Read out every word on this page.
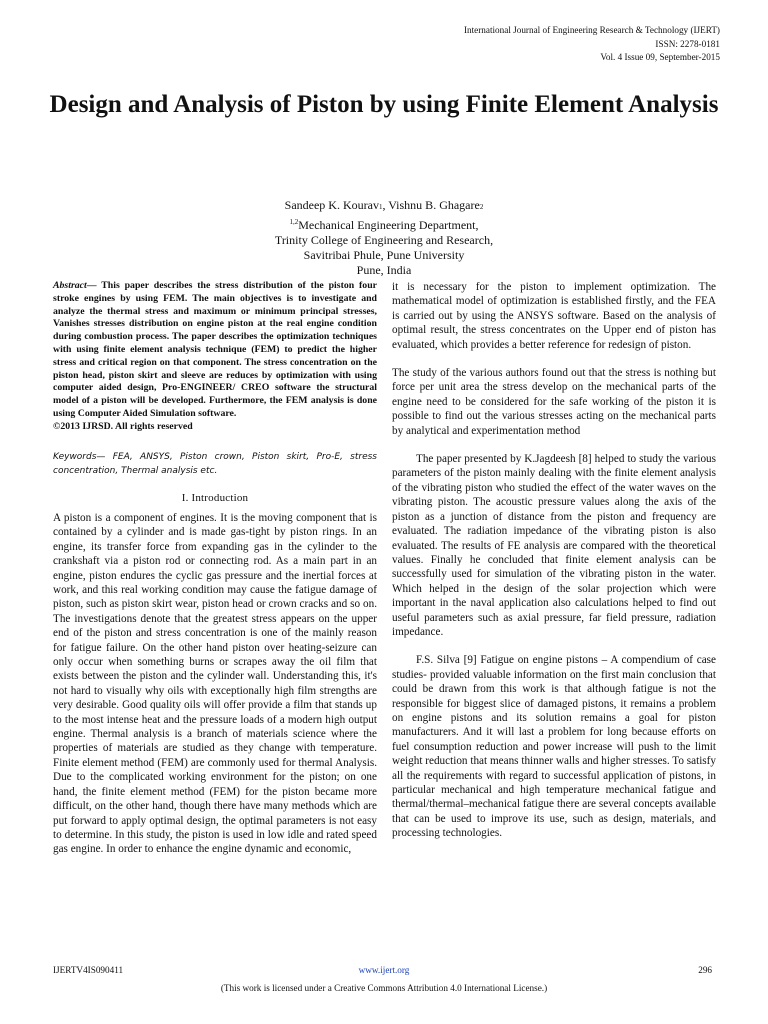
International Journal of Engineering Research & Technology (IJERT)
ISSN: 2278-0181
Vol. 4 Issue 09, September-2015
Design and Analysis of Piston by using Finite Element Analysis
Sandeep K. Kourav1, Vishnu B. Ghagare2
$^{1,2}$Mechanical Engineering Department,
Trinity College of Engineering and Research,
Savitribai Phule, Pune University
Pune, India

Abstract— This paper describes the stress distribution of the piston four stroke engines by using FEM. The main objectives is to investigate and analyze the thermal stress and maximum or minimum principal stresses, Vanishes stresses distribution on engine piston at the real engine condition during combustion process. The paper describes the optimization techniques with using finite element analysis technique (FEM) to predict the higher stress and critical region on that component. The stress concentration on the piston head, piston skirt and sleeve are reduces by optimization with using computer aided design, Pro-ENGINEER/ CREO software the structural model of a piston will be developed. Furthermore, the FEM analysis is done using Computer Aided Simulation software.

©2013 IJRSD. All rights reserved

Keywords— FEA, ANSYS, Piston crown, Piston skirt, Pro-E, stress concentration, Thermal analysis etc.

I. Introduction

A piston is a component of engines. It is the moving component that is contained by a cylinder and is made gas-tight by piston rings. In an engine, its transfer force from expanding gas in the cylinder to the crankshaft via a piston rod or connecting rod. As a main part in an engine, piston endures the cyclic gas pressure and the inertial forces at work, and this real working condition may cause the fatigue damage of piston, such as piston skirt wear, piston head or crown cracks and so on. The investigations denote that the greatest stress appears on the upper end of the piston and stress concentration is one of the mainly reason for fatigue failure. On the other hand piston over heating-seizure can only occur when something burns or scrapes away the oil film that exists between the piston and the cylinder wall. Understanding this, it's not hard to visually why oils with exceptionally high film strengths are very desirable. Good quality oils will offer provide a film that stands up to the most intense heat and the pressure loads of a modern high output engine. Thermal analysis is a branch of materials science where the properties of materials are studied as they change with temperature. Finite element method (FEM) are commonly used for thermal Analysis. Due to the complicated working environment for the piston; on one hand, the finite element method (FEM) for the piston became more difficult, on the other hand, though there have many methods which are put forward to apply optimal design, the optimal parameters is not easy to determine. In this study, the piston is used in low idle and rated speed gas engine. In order to enhance the engine dynamic and economic,

it is necessary for the piston to implement optimization. The mathematical model of optimization is established firstly, and the FEA is carried out by using the ANSYS software. Based on the analysis of optimal result, the stress concentrates on the Upper end of piston has evaluated, which provides a better reference for redesign of piston.

The study of the various authors found out that the stress is nothing but force per unit area the stress develop on the mechanical parts of the engine need to be considered for the safe working of the piston it is possible to find out the various stresses acting on the mechanical parts by analytical and experimentation method

The paper presented by K.Jagdeesh [8] helped to study the various parameters of the piston mainly dealing with the finite element analysis of the vibrating piston who studied the effect of the water waves on the vibrating piston. The acoustic pressure values along the axis of the piston as a junction of distance from the piston and frequency are evaluated. The radiation impedance of the vibrating piston is also evaluated. The results of FE analysis are compared with the theoretical values. Finally he concluded that finite element analysis can be successfully used for simulation of the vibrating piston in the water. Which helped in the design of the solar projection which were important in the naval application also calculations helped to find out useful parameters such as axial pressure, far field pressure, radiation impedance.

F.S. Silva [9] Fatigue on engine pistons – A compendium of case studies- provided valuable information on the first main conclusion that could be drawn from this work is that although fatigue is not the responsible for biggest slice of damaged pistons, it remains a problem on engine pistons and its solution remains a goal for piston manufacturers. And it will last a problem for long because efforts on fuel consumption reduction and power increase will push to the limit weight reduction that means thinner walls and higher stresses. To satisfy all the requirements with regard to successful application of pistons, in particular mechanical and high temperature mechanical fatigue and thermal/thermal–mechanical fatigue there are several concepts available that can be used to improve its use, such as design, materials, and processing technologies.

IJERTV4IS090411	www.ijert.org	296
(This work is licensed under a Creative Commons Attribution 4.0 International License.)
